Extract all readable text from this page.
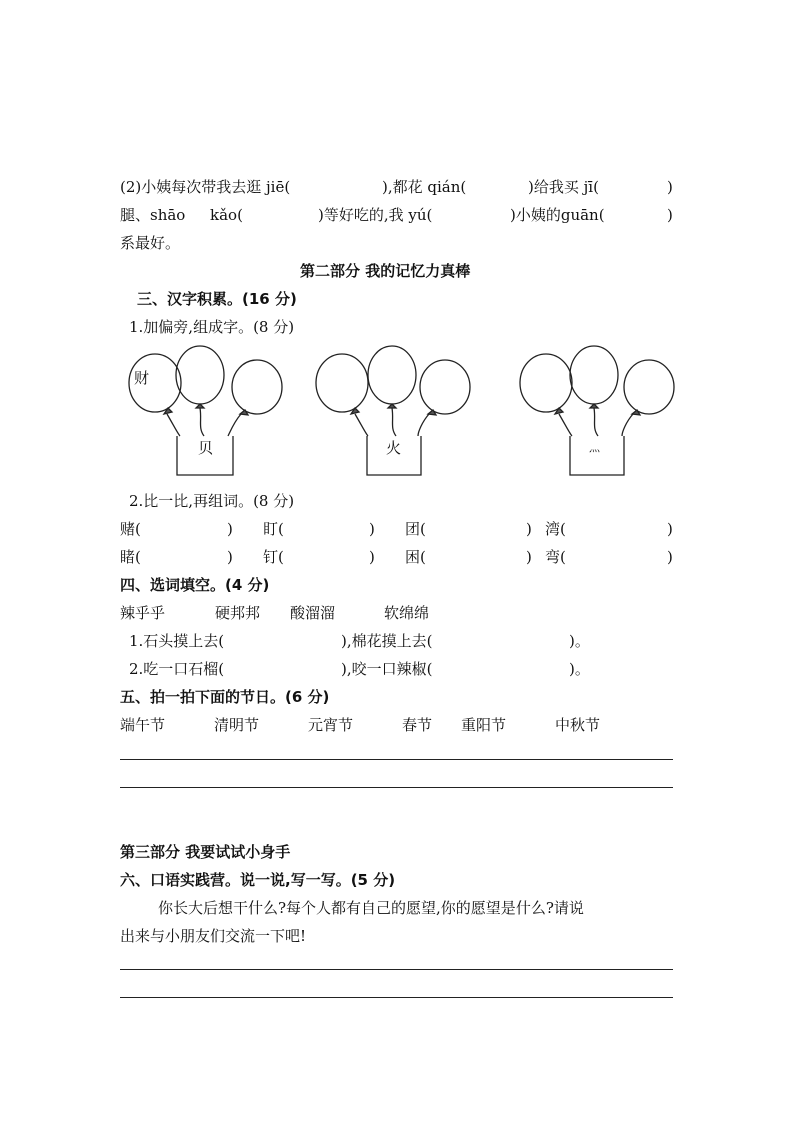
(2)小姨每次带我去逛 jiē(	),都花 qián(	)给我买 jī(	)
腿、shāo kǎo(	)等好吃的,我 yú(	)小姨的guān(	)
系最好。
第二部分 我的记忆力真棒
三、汉字积累。(16 分)
1.加偏旁,组成字。(8 分)
财
贝	火	灬
2.比一比,再组词。(8 分)
赌(	) 盯(	) 团(	) 湾(	)
睹(	) 钉(	) 困(	) 弯(	)
四、选词填空。(4 分)
辣乎乎	硬邦邦 酸溜溜	软绵绵
1.石头摸上去(	),棉花摸上去(	)。
2.吃一口石榴(	),咬一口辣椒(	)。
五、拍一拍下面的节日。(6 分)
端午节	清明节	元宵节	春节 重阳节	中秋节
第三部分 我要试试小身手
六、口语实践营。说一说,写一写。(5 分)
你长大后想干什么?每个人都有自己的愿望,你的愿望是什么?请说
出来与小朋友们交流一下吧!
